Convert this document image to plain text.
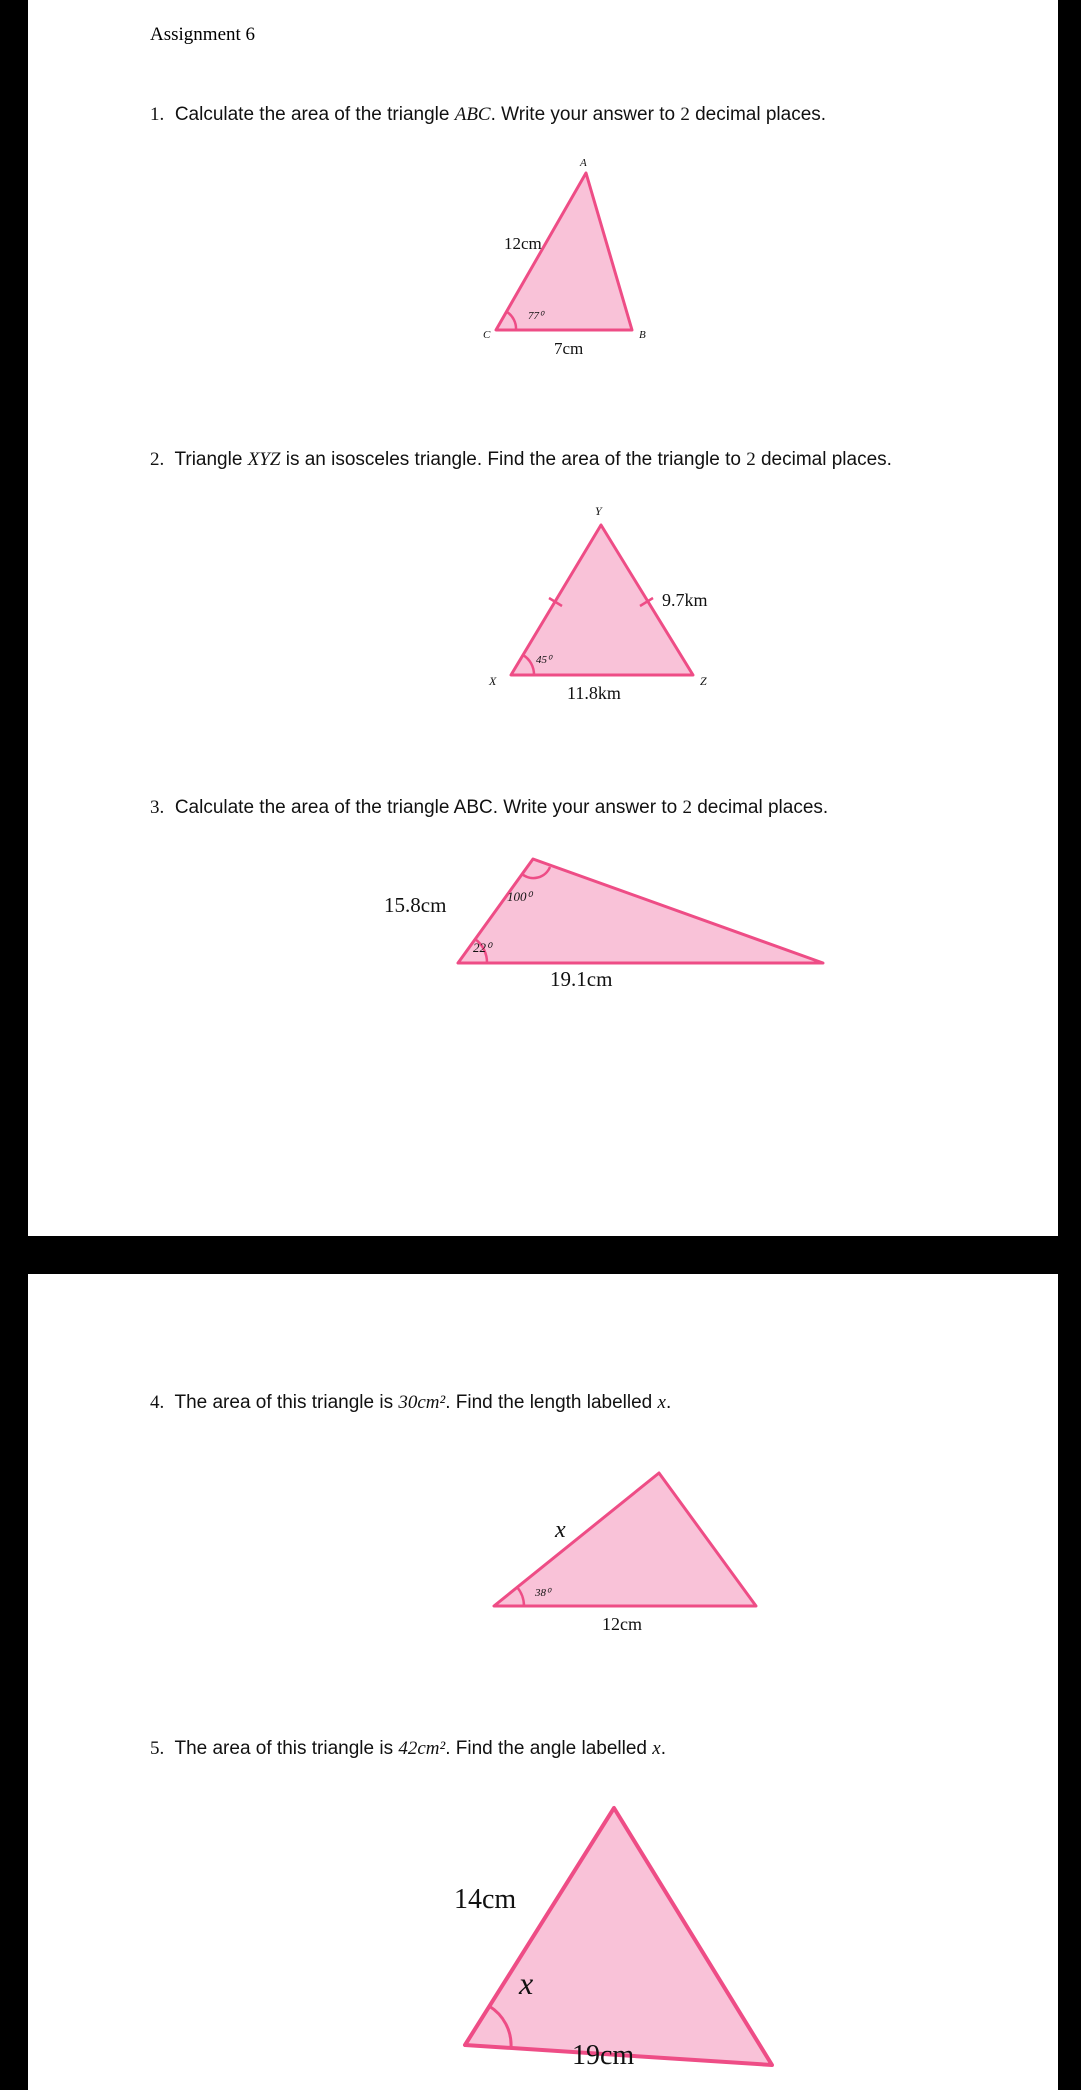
Assignment 6
1. Calculate the area of the triangle ABC. Write your answer to 2 decimal places.
A
B
C
12cm
7cm
77⁰
2. Triangle XYZ is an isosceles triangle. Find the area of the triangle to 2 decimal places.
Y
X	Z
9.7km
11.8km
45⁰
3. Calculate the area of the triangle ABC. Write your answer to 2 decimal places.
15.8cm
19.1cm
100⁰
22⁰
4. The area of this triangle is 30cm². Find the length labelled x.
x
12cm
38⁰
5. The area of this triangle is 42cm². Find the angle labelled x.
14cm
19cm
x
